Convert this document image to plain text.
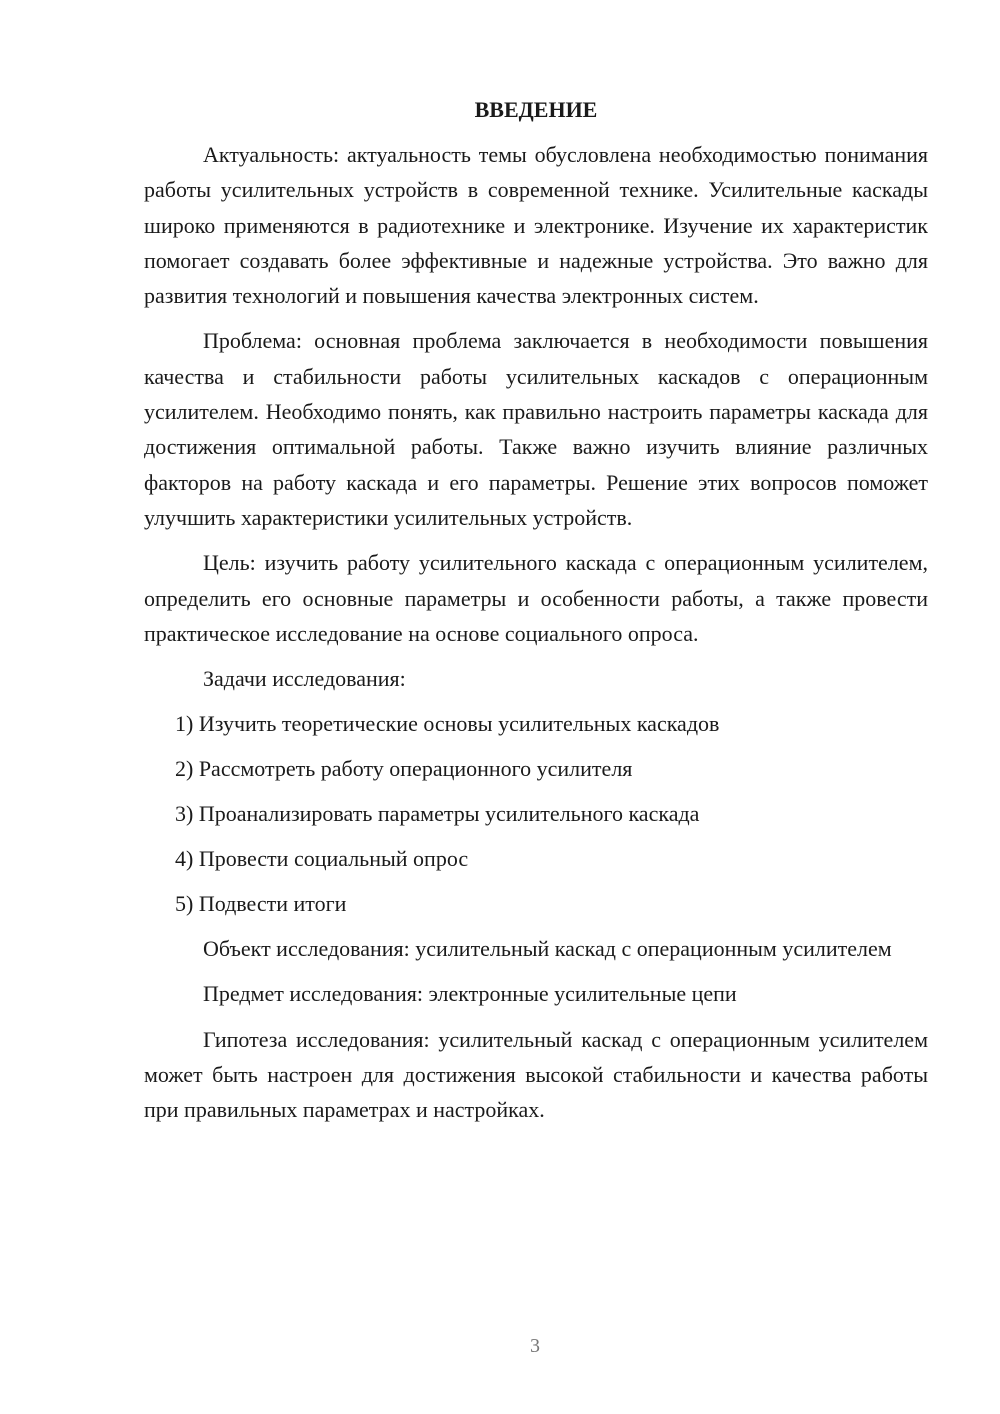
ВВЕДЕНИЕ

Актуальность: актуальность темы обусловлена необходимостью понимания работы усилительных устройств в современной технике. Усилительные каскады широко применяются в радиотехнике и электронике. Изучение их характеристик помогает создавать более эффективные и надежные устройства. Это важно для развития технологий и повышения качества электронных систем.

Проблема: основная проблема заключается в необходимости повышения качества и стабильности работы усилительных каскадов с операционным усилителем. Необходимо понять, как правильно настроить параметры каскада для достижения оптимальной работы. Также важно изучить влияние различных факторов на работу каскада и его параметры. Решение этих вопросов поможет улучшить характеристики усилительных устройств.

Цель: изучить работу усилительного каскада с операционным усилителем, определить его основные параметры и особенности работы, а также провести практическое исследование на основе социального опроса.

Задачи исследования:

1) Изучить теоретические основы усилительных каскадов
2) Рассмотреть работу операционного усилителя
3) Проанализировать параметры усилительного каскада
4) Провести социальный опрос
5) Подвести итоги

Объект исследования: усилительный каскад с операционным усилителем

Предмет исследования: электронные усилительные цепи

Гипотеза исследования: усилительный каскад с операционным усилителем может быть настроен для достижения высокой стабильности и качества работы при правильных параметрах и настройках.

3
